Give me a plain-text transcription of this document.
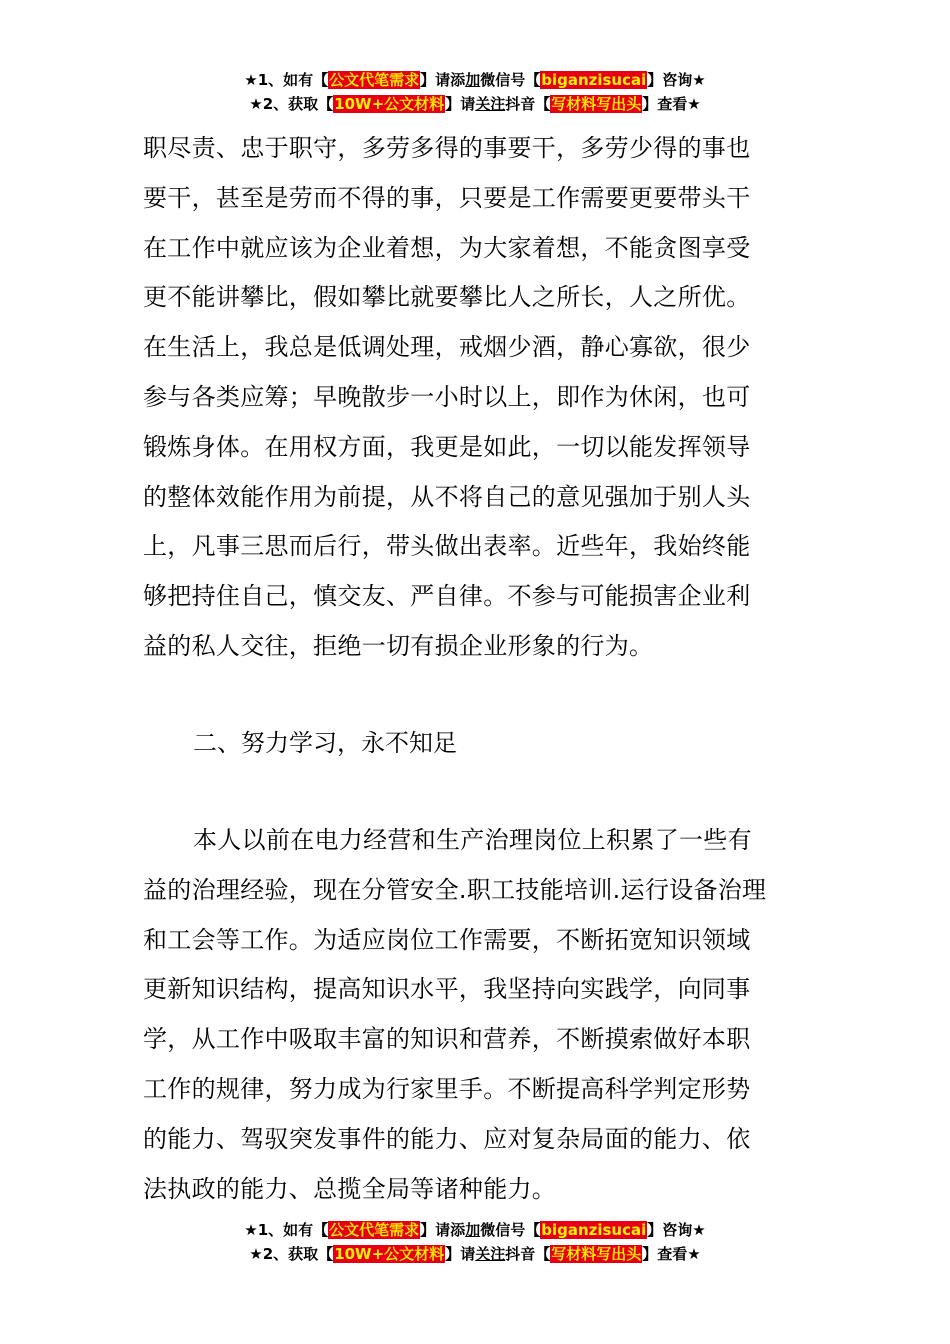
★1、如有【公文代笔需求】请添加微信号【biganzisucai】咨询★
★2、获取【10W+公文材料】请关注抖音【写材料写出头】查看★
职尽责、忠于职守，多劳多得的事要干，多劳少得的事也
要干，甚至是劳而不得的事，只要是工作需要更要带头干
在工作中就应该为企业着想，为大家着想，不能贪图享受
更不能讲攀比，假如攀比就要攀比人之所长，人之所优。
在生活上，我总是低调处理，戒烟少酒，静心寡欲，很少
参与各类应筹；早晚散步一小时以上，即作为休闲，也可
锻炼身体。在用权方面，我更是如此，一切以能发挥领导
的整体效能作用为前提，从不将自己的意见强加于别人头
上，凡事三思而后行，带头做出表率。近些年，我始终能
够把持住自己，慎交友、严自律。不参与可能损害企业利
益的私人交往，拒绝一切有损企业形象的行为。
二、努力学习，永不知足
本人以前在电力经营和生产治理岗位上积累了一些有
益的治理经验，现在分管安全.职工技能培训.运行设备治理
和工会等工作。为适应岗位工作需要，不断拓宽知识领域
更新知识结构，提高知识水平，我坚持向实践学，向同事
学，从工作中吸取丰富的知识和营养，不断摸索做好本职
工作的规律，努力成为行家里手。不断提高科学判定形势
的能力、驾驭突发事件的能力、应对复杂局面的能力、依
法执政的能力、总揽全局等诸种能力。
★1、如有【公文代笔需求】请添加微信号【biganzisucai】咨询★
★2、获取【10W+公文材料】请关注抖音【写材料写出头】查看★
